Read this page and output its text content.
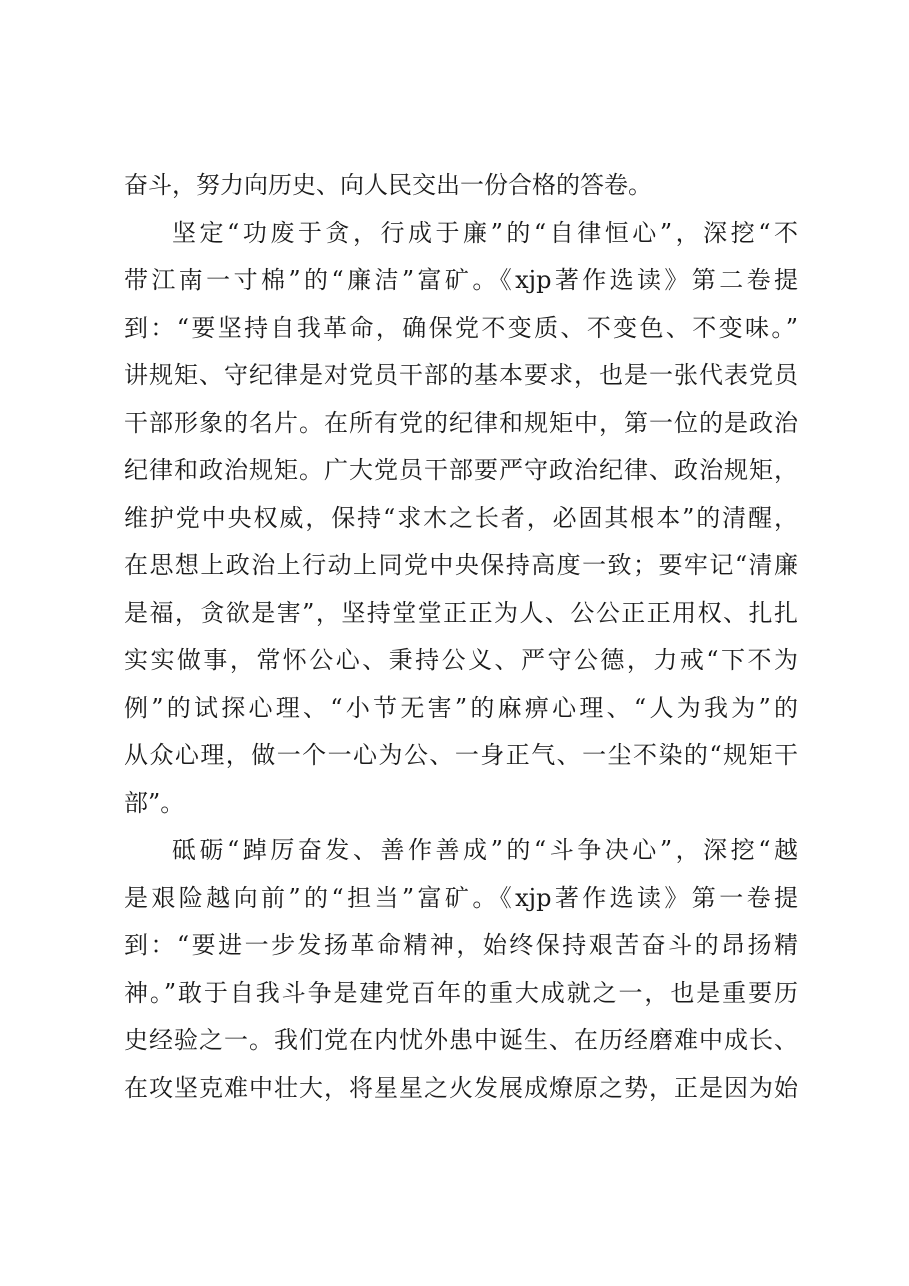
奋斗，努力向历史、向人民交出一份合格的答卷。
坚定“功废于贪，行成于廉”的“自律恒心”，深挖“不
带江南一寸棉”的“廉洁”富矿。《xjp著作选读》第二卷提
到：“要坚持自我革命，确保党不变质、不变色、不变味。”
讲规矩、守纪律是对党员干部的基本要求，也是一张代表党员
干部形象的名片。在所有党的纪律和规矩中，第一位的是政治
纪律和政治规矩。广大党员干部要严守政治纪律、政治规矩，
维护党中央权威，保持“求木之长者，必固其根本”的清醒，
在思想上政治上行动上同党中央保持高度一致；要牢记“清廉
是福，贪欲是害”，坚持堂堂正正为人、公公正正用权、扎扎
实实做事，常怀公心、秉持公义、严守公德，力戒“下不为
例”的试探心理、“小节无害”的麻痹心理、“人为我为”的
从众心理，做一个一心为公、一身正气、一尘不染的“规矩干
部”。
砥砺“踔厉奋发、善作善成”的“斗争决心”，深挖“越
是艰险越向前”的“担当”富矿。《xjp著作选读》第一卷提
到：“要进一步发扬革命精神，始终保持艰苦奋斗的昂扬精
神。”敢于自我斗争是建党百年的重大成就之一，也是重要历
史经验之一。我们党在内忧外患中诞生、在历经磨难中成长、
在攻坚克难中壮大，将星星之火发展成燎原之势，正是因为始
